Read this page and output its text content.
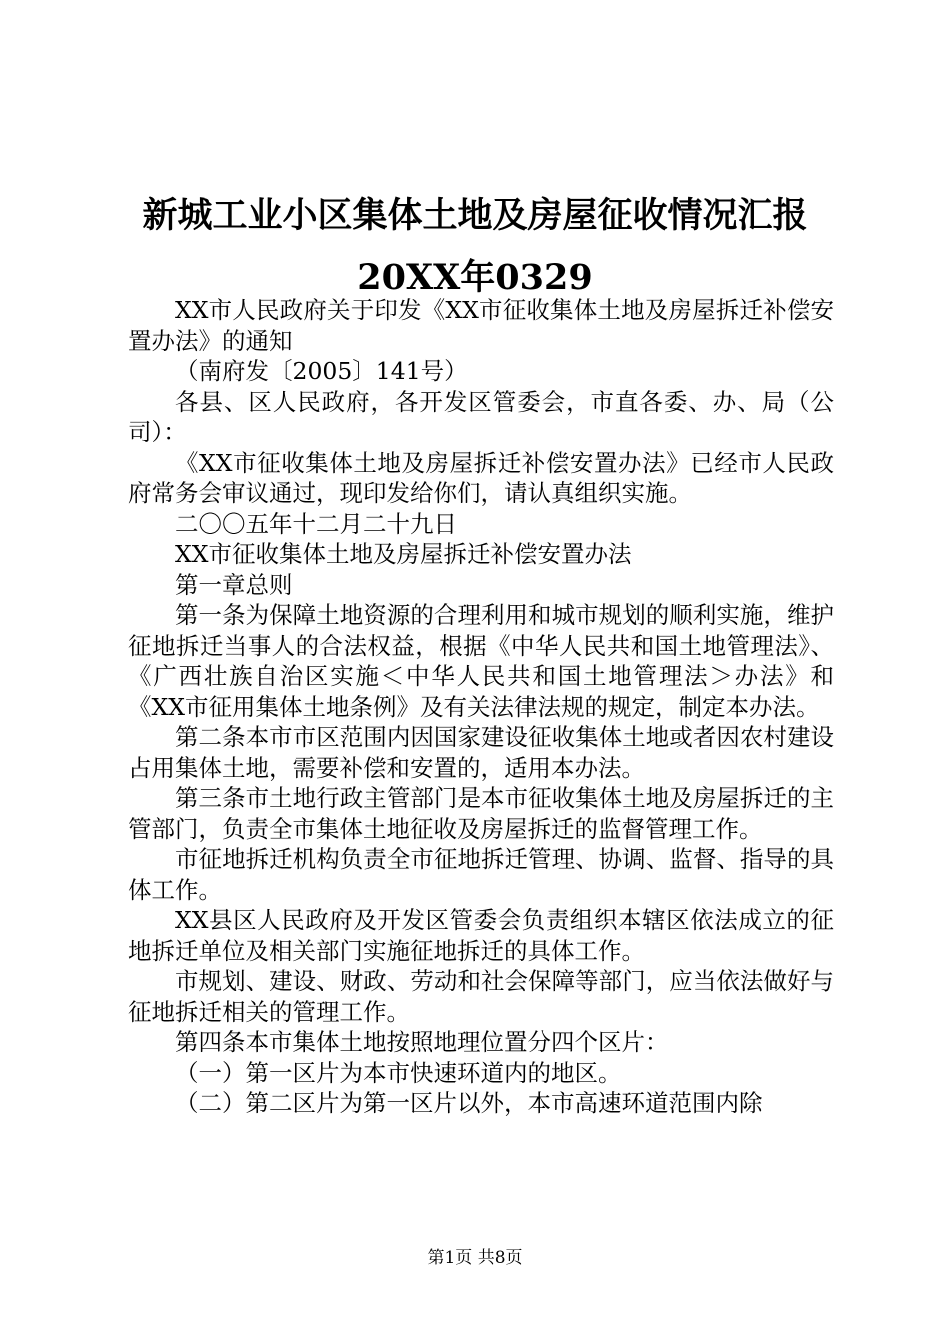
新城工业小区集体土地及房屋征收情况汇报
20XX年0329

XX市人民政府关于印发《XX市征收集体土地及房屋拆迁补偿安置办法》的通知

（南府发〔2005〕141号）

各县、区人民政府，各开发区管委会，市直各委、办、局（公司）：

《XX市征收集体土地及房屋拆迁补偿安置办法》已经市人民政府常务会审议通过，现印发给你们，请认真组织实施。

二〇〇五年十二月二十九日

XX市征收集体土地及房屋拆迁补偿安置办法

第一章总则

第一条为保障土地资源的合理利用和城市规划的顺利实施，维护征地拆迁当事人的合法权益，根据《中华人民共和国土地管理法》、《广西壮族自治区实施＜中华人民共和国土地管理法＞办法》和《XX市征用集体土地条例》及有关法律法规的规定，制定本办法。

第二条本市市区范围内因国家建设征收集体土地或者因农村建设占用集体土地，需要补偿和安置的，适用本办法。

第三条市土地行政主管部门是本市征收集体土地及房屋拆迁的主管部门，负责全市集体土地征收及房屋拆迁的监督管理工作。

市征地拆迁机构负责全市征地拆迁管理、协调、监督、指导的具体工作。

XX县区人民政府及开发区管委会负责组织本辖区依法成立的征地拆迁单位及相关部门实施征地拆迁的具体工作。

市规划、建设、财政、劳动和社会保障等部门，应当依法做好与征地拆迁相关的管理工作。

第四条本市集体土地按照地理位置分四个区片：

（一）第一区片为本市快速环道内的地区。

（二）第二区片为第一区片以外，本市高速环道范围内除

第1页 共8页
